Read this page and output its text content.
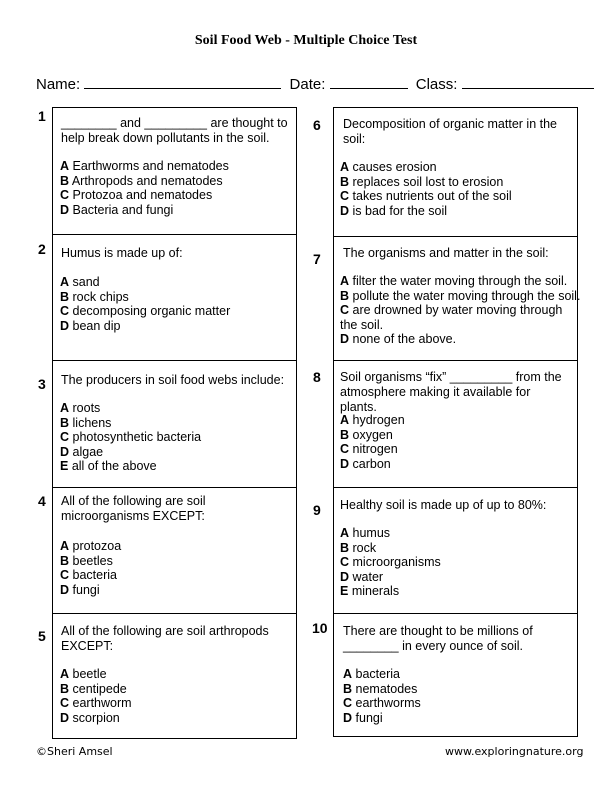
Soil Food Web - Multiple Choice Test
Name:	Date:	Class:
1
2
3
4
5
________ and _________ are thought to help break down pollutants in the soil.
A Earthworms and nematodes
B Arthropods and nematodes
C Protozoa and nematodes
D Bacteria and fungi
Humus is made up of:
A sand
B rock chips
C decomposing organic matter
D bean dip
The producers in soil food webs include:
A roots
B lichens
C photosynthetic bacteria
D algae
E all of the above
All of the following are soil microorganisms EXCEPT:
A protozoa
B beetles
C bacteria
D fungi
All of the following are soil arthropods EXCEPT:
A beetle
B centipede
C earthworm
D scorpion
6
7
8
9
10
Decomposition of organic matter in the soil:
A causes erosion
B replaces soil lost to erosion
C takes nutrients out of the soil
D is bad for the soil
The organisms and matter in the soil:
A filter the water moving through the soil.
B pollute the water moving through the soil.
C are drowned by water moving through the soil.
D none of the above.
Soil organisms “fix” _________ from the atmosphere making it available for plants.
A hydrogen
B oxygen
C nitrogen
D carbon
Healthy soil is made up of up to 80%:
A humus
B rock
C microorganisms
D water
E minerals
There are thought to be millions of ________ in every ounce of soil.
A bacteria
B nematodes
C earthworms
D fungi
©Sheri Amsel	www.exploringnature.org
